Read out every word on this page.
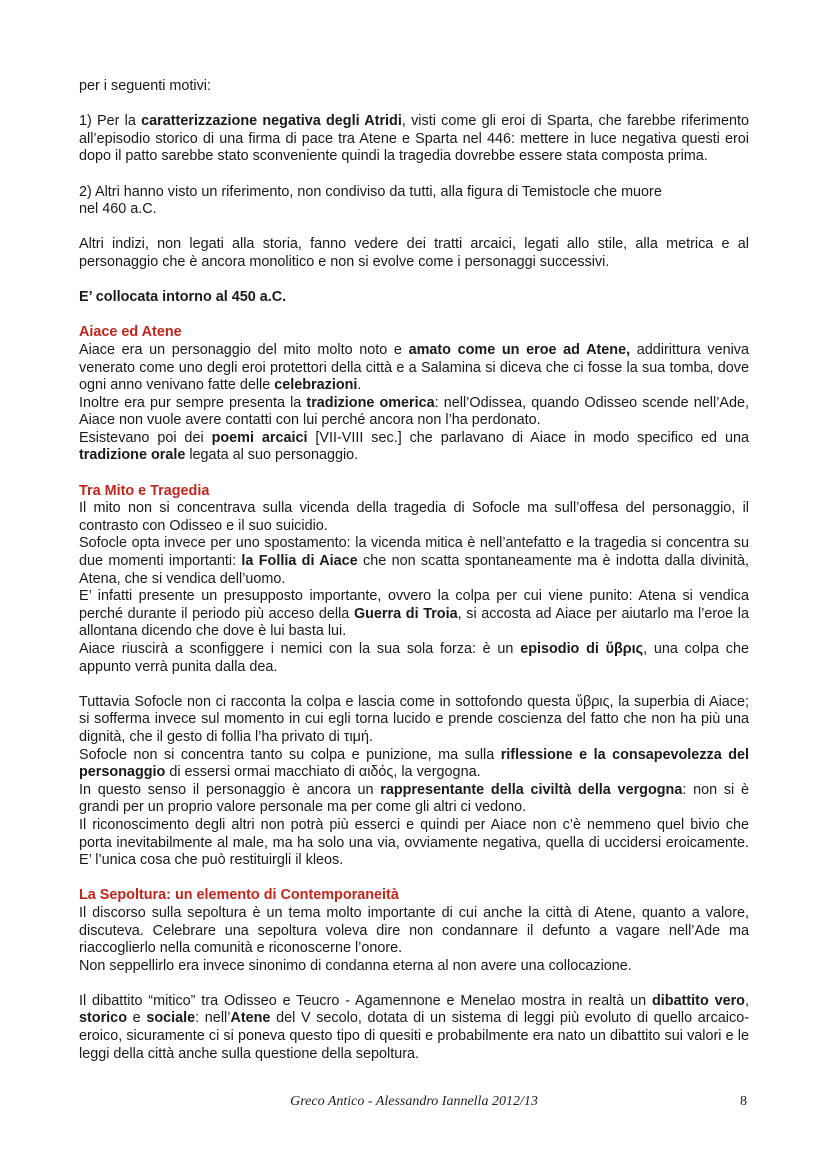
per i seguenti motivi:

1) Per la caratterizzazione negativa degli Atridi, visti come gli eroi di Sparta, che farebbe riferimento all’episodio storico di una firma di pace tra Atene e Sparta nel 446: mettere in luce negativa questi eroi dopo il patto sarebbe stato sconveniente quindi la tragedia dovrebbe essere stata composta prima.

2) Altri hanno visto un riferimento, non condiviso da tutti, alla figura di Temistocle che muore nel 460 a.C.

Altri indizi, non legati alla storia, fanno vedere dei tratti arcaici, legati allo stile, alla metrica e al personaggio che è ancora monolitico e non si evolve come i personaggi successivi.

E’ collocata intorno al 450 a.C.

Aiace ed Atene

Aiace era un personaggio del mito molto noto e amato come un eroe ad Atene, addirittura veniva venerato come uno degli eroi protettori della città e a Salamina si diceva che ci fosse la sua tomba, dove ogni anno venivano fatte delle celebrazioni.

Inoltre era pur sempre presenta la tradizione omerica: nell’Odissea, quando Odisseo scende nell’Ade, Aiace non vuole avere contatti con lui perché ancora non l’ha perdonato.

Esistevano poi dei poemi arcaici [VII-VIII sec.] che parlavano di Aiace in modo specifico ed una tradizione orale legata al suo personaggio.

Tra Mito e Tragedia

Il mito non si concentrava sulla vicenda della tragedia di Sofocle ma sull’offesa del personaggio, il contrasto con Odisseo e il suo suicidio.

Sofocle opta invece per uno spostamento: la vicenda mitica è nell’antefatto e la tragedia si concentra su due momenti importanti: la Follia di Aiace che non scatta spontaneamente ma è indotta dalla divinità, Atena, che si vendica dell’uomo.

E’ infatti presente un presupposto importante, ovvero la colpa per cui viene punito: Atena si vendica perché durante il periodo più acceso della Guerra di Troia, si accosta ad Aiace per aiutarlo ma l’eroe la allontana dicendo che dove è lui basta lui.

Aiace riuscirà a sconfiggere i nemici con la sua sola forza: è un episodio di ὕβρις, una colpa che appunto verrà punita dalla dea.

Tuttavia Sofocle non ci racconta la colpa e lascia come in sottofondo questa ὕβρις, la superbia di Aiace; si sofferma invece sul momento in cui egli torna lucido e prende coscienza del fatto che non ha più una dignità, che il gesto di follia l’ha privato di τιμή.

Sofocle non si concentra tanto su colpa e punizione, ma sulla riflessione e la consapevolezza del personaggio di essersi ormai macchiato di αιδός, la vergogna.

In questo senso il personaggio è ancora un rappresentante della civiltà della vergogna: non si è grandi per un proprio valore personale ma per come gli altri ci vedono.

Il riconoscimento degli altri non potrà più esserci e quindi per Aiace non c’è nemmeno quel bivio che porta inevitabilmente al male, ma ha solo una via, ovviamente negativa, quella di uccidersi eroicamente. E’ l’unica cosa che può restituirgli il kleos.

La Sepoltura: un elemento di Contemporaneità

Il discorso sulla sepoltura è un tema molto importante di cui anche la città di Atene, quanto a valore, discuteva. Celebrare una sepoltura voleva dire non condannare il defunto a vagare nell’Ade ma riaccoglierlo nella comunità e riconoscerne l’onore.

Non seppellirlo era invece sinonimo di condanna eterna al non avere una collocazione.

Il dibattito “mitico” tra Odisseo e Teucro - Agamennone e Menelao mostra in realtà un dibattito vero, storico e sociale: nell’Atene del V secolo, dotata di un sistema di leggi più evoluto di quello arcaico-eroico, sicuramente ci si poneva questo tipo di quesiti e probabilmente era nato un dibattito sui valori e le leggi della città anche sulla questione della sepoltura.

Greco Antico - Alessandro Iannella 2012/13	8
